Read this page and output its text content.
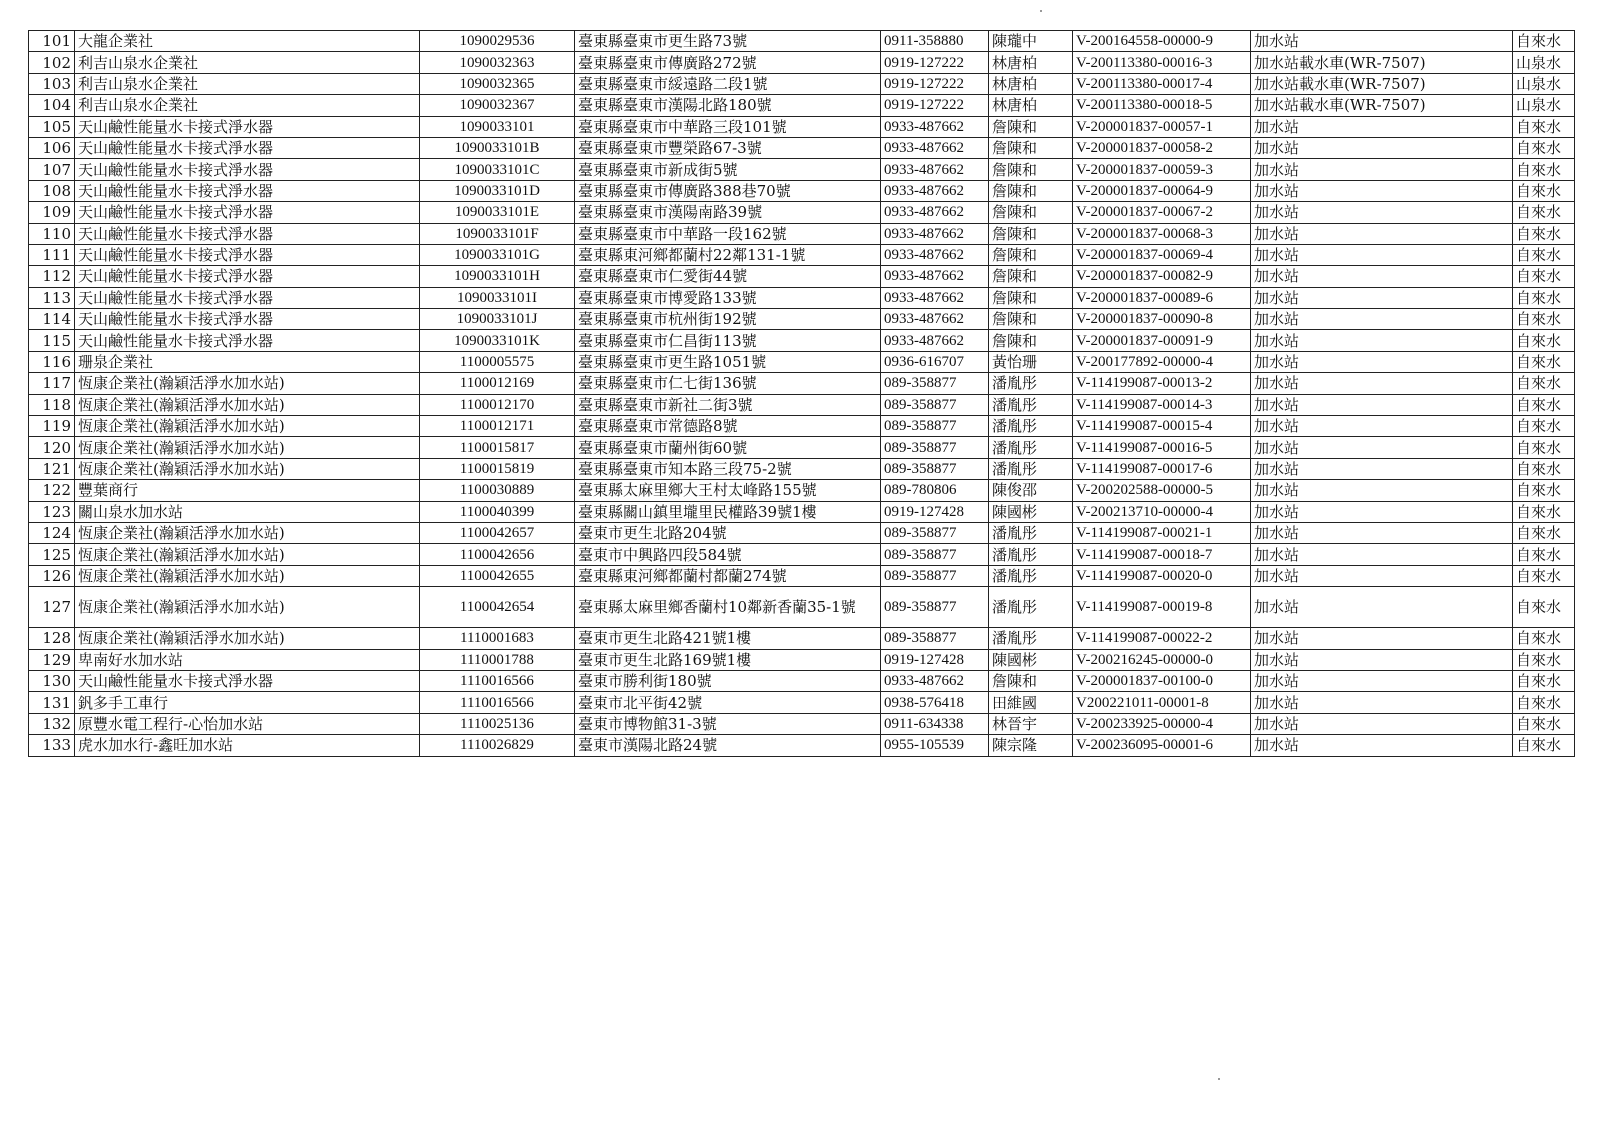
101	大龍企業社	1090029536	臺東縣臺東市更生路73號	0911-358880	陳瓏中	V-200164558-00000-9	加水站	自來水
102	利吉山泉水企業社	1090032363	臺東縣臺東市傳廣路272號	0919-127222	林唐柏	V-200113380-00016-3	加水站載水車(WR-7507)	山泉水
103	利吉山泉水企業社	1090032365	臺東縣臺東市綏遠路二段1號	0919-127222	林唐柏	V-200113380-00017-4	加水站載水車(WR-7507)	山泉水
104	利吉山泉水企業社	1090032367	臺東縣臺東市漢陽北路180號	0919-127222	林唐柏	V-200113380-00018-5	加水站載水車(WR-7507)	山泉水
105	天山鹼性能量水卡接式淨水器	1090033101	臺東縣臺東市中華路三段101號	0933-487662	詹陳和	V-200001837-00057-1	加水站	自來水
106	天山鹼性能量水卡接式淨水器	1090033101B	臺東縣臺東市豐榮路67-3號	0933-487662	詹陳和	V-200001837-00058-2	加水站	自來水
107	天山鹼性能量水卡接式淨水器	1090033101C	臺東縣臺東市新成街5號	0933-487662	詹陳和	V-200001837-00059-3	加水站	自來水
108	天山鹼性能量水卡接式淨水器	1090033101D	臺東縣臺東市傳廣路388巷70號	0933-487662	詹陳和	V-200001837-00064-9	加水站	自來水
109	天山鹼性能量水卡接式淨水器	1090033101E	臺東縣臺東市漢陽南路39號	0933-487662	詹陳和	V-200001837-00067-2	加水站	自來水
110	天山鹼性能量水卡接式淨水器	1090033101F	臺東縣臺東市中華路一段162號	0933-487662	詹陳和	V-200001837-00068-3	加水站	自來水
111	天山鹼性能量水卡接式淨水器	1090033101G	臺東縣東河鄉都蘭村22鄰131-1號	0933-487662	詹陳和	V-200001837-00069-4	加水站	自來水
112	天山鹼性能量水卡接式淨水器	1090033101H	臺東縣臺東市仁愛街44號	0933-487662	詹陳和	V-200001837-00082-9	加水站	自來水
113	天山鹼性能量水卡接式淨水器	1090033101I	臺東縣臺東市博愛路133號	0933-487662	詹陳和	V-200001837-00089-6	加水站	自來水
114	天山鹼性能量水卡接式淨水器	1090033101J	臺東縣臺東市杭州街192號	0933-487662	詹陳和	V-200001837-00090-8	加水站	自來水
115	天山鹼性能量水卡接式淨水器	1090033101K	臺東縣臺東市仁昌街113號	0933-487662	詹陳和	V-200001837-00091-9	加水站	自來水
116	珊泉企業社	1100005575	臺東縣臺東市更生路1051號	0936-616707	黃怡珊	V-200177892-00000-4	加水站	自來水
117	恆康企業社(瀚穎活淨水加水站)	1100012169	臺東縣臺東市仁七街136號	089-358877	潘胤彤	V-114199087-00013-2	加水站	自來水
118	恆康企業社(瀚穎活淨水加水站)	1100012170	臺東縣臺東市新社二街3號	089-358877	潘胤彤	V-114199087-00014-3	加水站	自來水
119	恆康企業社(瀚穎活淨水加水站)	1100012171	臺東縣臺東市常德路8號	089-358877	潘胤彤	V-114199087-00015-4	加水站	自來水
120	恆康企業社(瀚穎活淨水加水站)	1100015817	臺東縣臺東市蘭州街60號	089-358877	潘胤彤	V-114199087-00016-5	加水站	自來水
121	恆康企業社(瀚穎活淨水加水站)	1100015819	臺東縣臺東市知本路三段75-2號	089-358877	潘胤彤	V-114199087-00017-6	加水站	自來水
122	豐葉商行	1100030889	臺東縣太麻里鄉大王村太峰路155號	089-780806	陳俊邵	V-200202588-00000-5	加水站	自來水
123	關山泉水加水站	1100040399	臺東縣關山鎮里壠里民權路39號1樓	0919-127428	陳國彬	V-200213710-00000-4	加水站	自來水
124	恆康企業社(瀚穎活淨水加水站)	1100042657	臺東市更生北路204號	089-358877	潘胤彤	V-114199087-00021-1	加水站	自來水
125	恆康企業社(瀚穎活淨水加水站)	1100042656	臺東市中興路四段584號	089-358877	潘胤彤	V-114199087-00018-7	加水站	自來水
126	恆康企業社(瀚穎活淨水加水站)	1100042655	臺東縣東河鄉都蘭村都蘭274號	089-358877	潘胤彤	V-114199087-00020-0	加水站	自來水
127	恆康企業社(瀚穎活淨水加水站)	1100042654	臺東縣太麻里鄉香蘭村10鄰新香蘭35-1號	089-358877	潘胤彤	V-114199087-00019-8	加水站	自來水
128	恆康企業社(瀚穎活淨水加水站)	1110001683	臺東市更生北路421號1樓	089-358877	潘胤彤	V-114199087-00022-2	加水站	自來水
129	卑南好水加水站	1110001788	臺東市更生北路169號1樓	0919-127428	陳國彬	V-200216245-00000-0	加水站	自來水
130	天山鹼性能量水卡接式淨水器	1110016566	臺東市勝利街180號	0933-487662	詹陳和	V-200001837-00100-0	加水站	自來水
131	釩多手工車行	1110016566	臺東市北平街42號	0938-576418	田維國	V200221011-00001-8	加水站	自來水
132	原豐水電工程行-心怡加水站	1110025136	臺東市博物館31-3號	0911-634338	林晉宇	V-200233925-00000-4	加水站	自來水
133	虎水加水行-鑫旺加水站	1110026829	臺東市漢陽北路24號	0955-105539	陳宗隆	V-200236095-00001-6	加水站	自來水
